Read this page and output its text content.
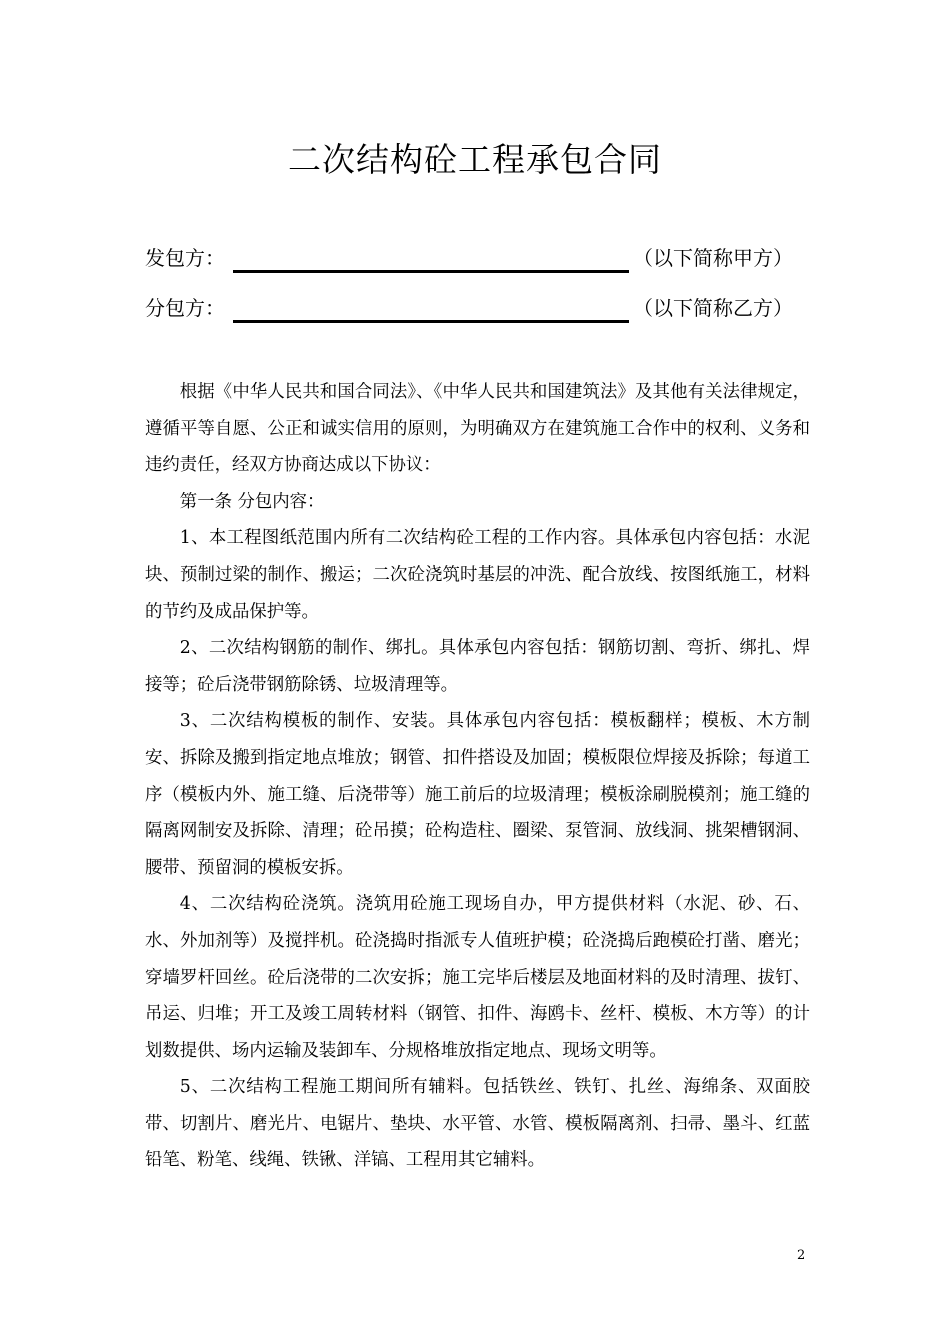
二次结构砼工程承包合同
发包方：	（以下简称甲方）
分包方：	（以下简称乙方）

根据《中华人民共和国合同法》、《中华人民共和国建筑法》及其他有关法律规定，遵循平等自愿、公正和诚实信用的原则，为明确双方在建筑施工合作中的权利、义务和违约责任，经双方协商达成以下协议：

第一条 分包内容：

1、本工程图纸范围内所有二次结构砼工程的工作内容。具体承包内容包括：水泥块、预制过梁的制作、搬运；二次砼浇筑时基层的冲洗、配合放线、按图纸施工，材料的节约及成品保护等。

2、二次结构钢筋的制作、绑扎。具体承包内容包括：钢筋切割、弯折、绑扎、焊接等；砼后浇带钢筋除锈、垃圾清理等。

3、二次结构模板的制作、安装。具体承包内容包括：模板翻样；模板、木方制安、拆除及搬到指定地点堆放；钢管、扣件搭设及加固；模板限位焊接及拆除；每道工序（模板内外、施工缝、后浇带等）施工前后的垃圾清理；模板涂刷脱模剂；施工缝的隔离网制安及拆除、清理；砼吊摸；砼构造柱、圈梁、泵管洞、放线洞、挑架槽钢洞、腰带、预留洞的模板安拆。

4、二次结构砼浇筑。浇筑用砼施工现场自办，甲方提供材料（水泥、砂、石、水、外加剂等）及搅拌机。砼浇捣时指派专人值班护模；砼浇捣后跑模砼打凿、磨光；穿墙罗杆回丝。砼后浇带的二次安拆；施工完毕后楼层及地面材料的及时清理、拔钉、吊运、归堆；开工及竣工周转材料（钢管、扣件、海鸥卡、丝杆、模板、木方等）的计划数提供、场内运输及装卸车、分规格堆放指定地点、现场文明等。

5、二次结构工程施工期间所有辅料。包括铁丝、铁钉、扎丝、海绵条、双面胶带、切割片、磨光片、电锯片、垫块、水平管、水管、模板隔离剂、扫帚、墨斗、红蓝铅笔、粉笔、线绳、铁锹、洋镐、工程用其它辅料。

2
